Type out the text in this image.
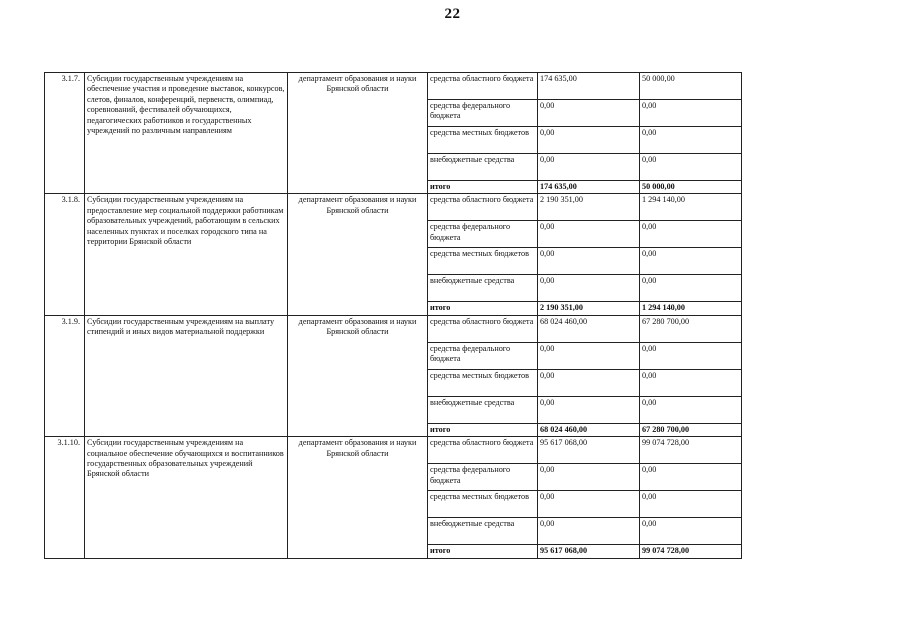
22
3.1.7.	Субсидии государственным учреждениям на обеспечение участия и проведение выставок, конкурсов, слетов, финалов, конференций, первенств, олимпиад, соревнований, фестивалей обучающихся, педагогических работников и государственных учреждений по различным направлениям	департамент образования и науки Брянской области	средства областного бюджета	174 635,00	50 000,00
			средства федерального бюджета	0,00	0,00
			средства местных бюджетов	0,00	0,00
			внебюджетные средства	0,00	0,00
			итого	174 635,00	50 000,00
3.1.8.	Субсидии государственным учреждениям на предоставление мер социальной поддержки работникам образовательных учреждений, работающим в сельских населенных пунктах и поселках городского типа на территории Брянской области	департамент образования и науки Брянской области	средства областного бюджета	2 190 351,00	1 294 140,00
			средства федерального бюджета	0,00	0,00
			средства местных бюджетов	0,00	0,00
			внебюджетные средства	0,00	0,00
			итого	2 190 351,00	1 294 140,00
3.1.9.	Субсидии государственным учреждениям на выплату стипендий и иных видов материальной поддержки	департамент образования и науки Брянской области	средства областного бюджета	68 024 460,00	67 280 700,00
			средства федерального бюджета	0,00	0,00
			средства местных бюджетов	0,00	0,00
			внебюджетные средства	0,00	0,00
			итого	68 024 460,00	67 280 700,00
3.1.10.	Субсидии государственным учреждениям на социальное обеспечение обучающихся и воспитанников государственных образовательных учреждений Брянской области	департамент образования и науки Брянской области	средства областного бюджета	95 617 068,00	99 074 728,00
			средства федерального бюджета	0,00	0,00
			средства местных бюджетов	0,00	0,00
			внебюджетные средства	0,00	0,00
			итого	95 617 068,00	99 074 728,00
